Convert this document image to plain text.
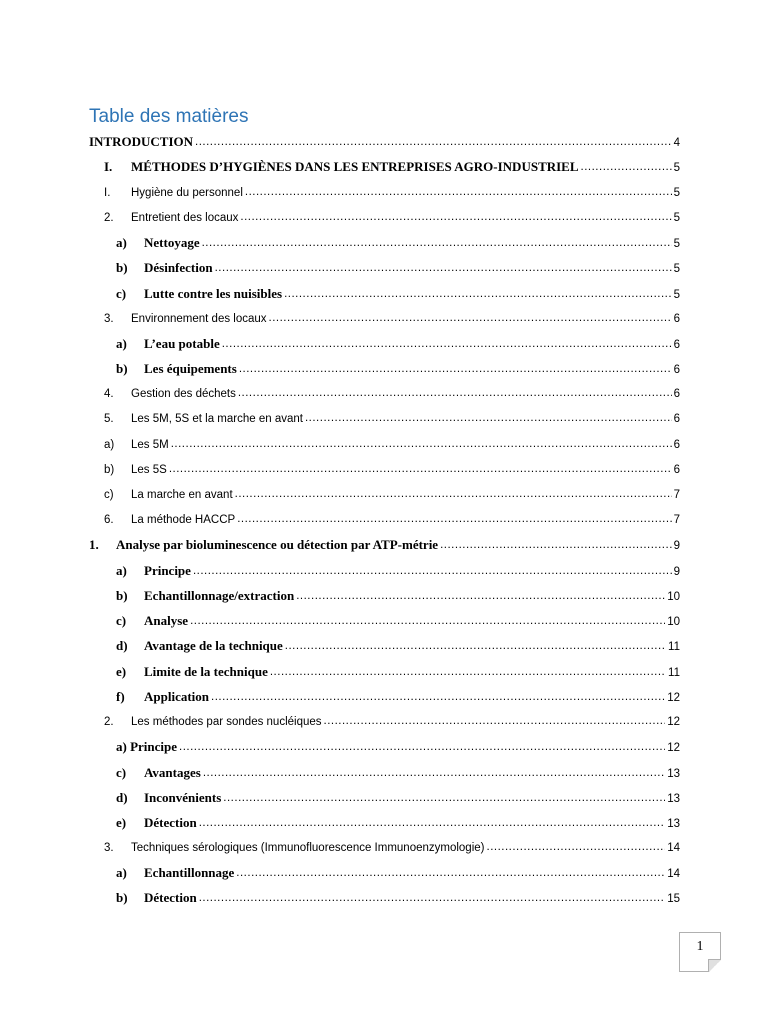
Table des matières
INTRODUCTION .....	4
I.	MÉTHODES D’HYGIÈNES DANS LES ENTREPRISES AGRO-INDUSTRIEL .....	5
I.	Hygiène du personnel .....	5
2.	Entretient des locaux .....	5
a)	Nettoyage .....	5
b)	Désinfection .....	5
c)	Lutte contre les nuisibles .....	5
3.	Environnement des locaux .....	6
a)	L’eau potable .....	6
b)	Les équipements .....	6
4.	Gestion des déchets .....	6
5.	Les 5M, 5S et la marche en avant .....	6
a)	Les 5M .....	6
b)	Les 5S .....	6
c)	La marche en avant .....	7
6.	La méthode HACCP .....	7
1.	Analyse par bioluminescence ou détection par ATP-métrie .....	9
a)	Principe .....	9
b)	Echantillonnage/extraction .....	10
c)	Analyse .....	10
d)	Avantage de la technique .....	11
e)	Limite de la technique .....	11
f)	Application .....	12
2.	Les méthodes par sondes nucléiques .....	12
a) Principe .....	12
c)	Avantages .....	13
d)	Inconvénients .....	13
e)	Détection .....	13
3.	Techniques sérologiques (Immunofluorescence Immunoenzymologie) .....	14
a)	Echantillonnage .....	14
b)	Détection .....	15
1
